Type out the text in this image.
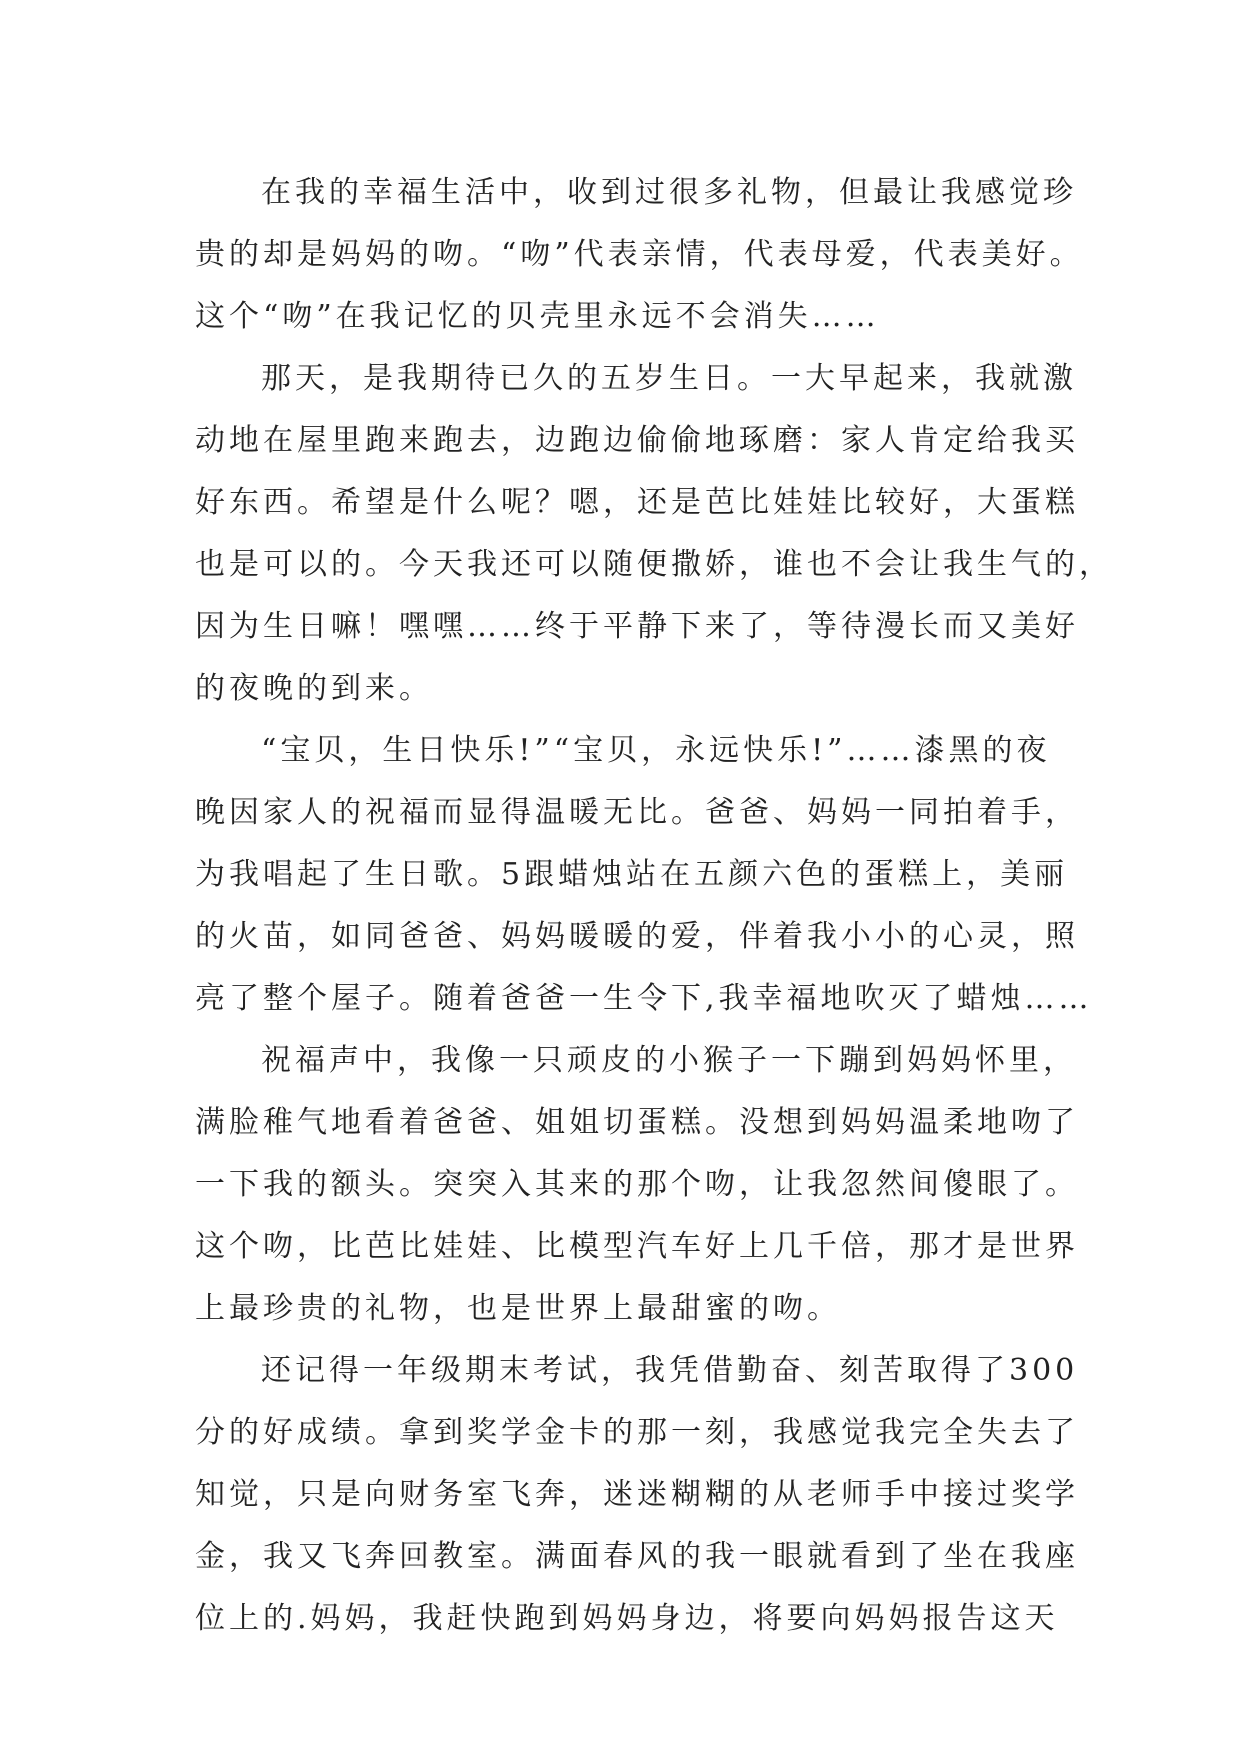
在我的幸福生活中，收到过很多礼物，但最让我感觉珍
贵的却是妈妈的吻。“吻”代表亲情，代表母爱，代表美好。
这个“吻”在我记忆的贝壳里永远不会消失……
那天，是我期待已久的五岁生日。一大早起来，我就激
动地在屋里跑来跑去，边跑边偷偷地琢磨：家人肯定给我买
好东西。希望是什么呢？嗯，还是芭比娃娃比较好，大蛋糕
也是可以的。今天我还可以随便撒娇，谁也不会让我生气的，
因为生日嘛！嘿嘿……终于平静下来了，等待漫长而又美好
的夜晚的到来。
“宝贝，生日快乐!”“宝贝，永远快乐!”……漆黑的夜
晚因家人的祝福而显得温暖无比。爸爸、妈妈一同拍着手，
为我唱起了生日歌。5跟蜡烛站在五颜六色的蛋糕上，美丽
的火苗，如同爸爸、妈妈暖暖的爱，伴着我小小的心灵，照
亮了整个屋子。随着爸爸一生令下,我幸福地吹灭了蜡烛……
祝福声中，我像一只顽皮的小猴子一下蹦到妈妈怀里，
满脸稚气地看着爸爸、姐姐切蛋糕。没想到妈妈温柔地吻了
一下我的额头。突突入其来的那个吻，让我忽然间傻眼了。
这个吻，比芭比娃娃、比模型汽车好上几千倍，那才是世界
上最珍贵的礼物，也是世界上最甜蜜的吻。
还记得一年级期末考试，我凭借勤奋、刻苦取得了300
分的好成绩。拿到奖学金卡的那一刻，我感觉我完全失去了
知觉，只是向财务室飞奔，迷迷糊糊的从老师手中接过奖学
金，我又飞奔回教室。满面春风的我一眼就看到了坐在我座
位上的.妈妈，我赶快跑到妈妈身边，将要向妈妈报告这天
